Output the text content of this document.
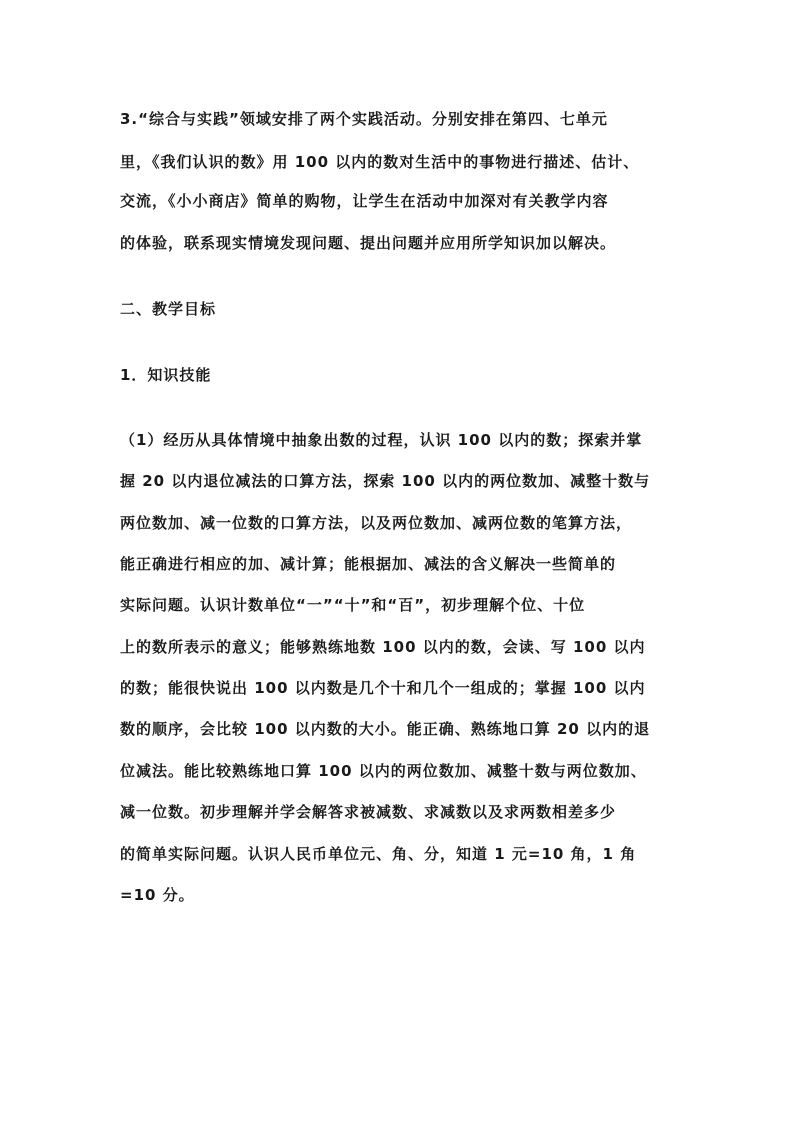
3.“综合与实践”领域安排了两个实践活动。分别安排在第四、七单元

里，《我们认识的数》用 100 以内的数对生活中的事物进行描述、估计、

交流，《小小商店》简单的购物，让学生在活动中加深对有关教学内容

的体验，联系现实情境发现问题、提出问题并应用所学知识加以解决。

二、教学目标

1．知识技能

（1）经历从具体情境中抽象出数的过程，认识 100 以内的数；探索并掌

握 20 以内退位减法的口算方法，探索 100 以内的两位数加、减整十数与

两位数加、减一位数的口算方法，以及两位数加、减两位数的笔算方法，

能正确进行相应的加、减计算；能根据加、减法的含义解决一些简单的

实际问题。认识计数单位“一”“十”和“百”，初步理解个位、十位

上的数所表示的意义；能够熟练地数 100 以内的数，会读、写 100 以内

的数；能很快说出 100 以内数是几个十和几个一组成的；掌握 100 以内

数的顺序，会比较 100 以内数的大小。能正确、熟练地口算 20 以内的退

位减法。能比较熟练地口算 100 以内的两位数加、减整十数与两位数加、

减一位数。初步理解并学会解答求被减数、求减数以及求两数相差多少

的简单实际问题。认识人民币单位元、角、分，知道 1 元=10 角，1 角

=10 分。
